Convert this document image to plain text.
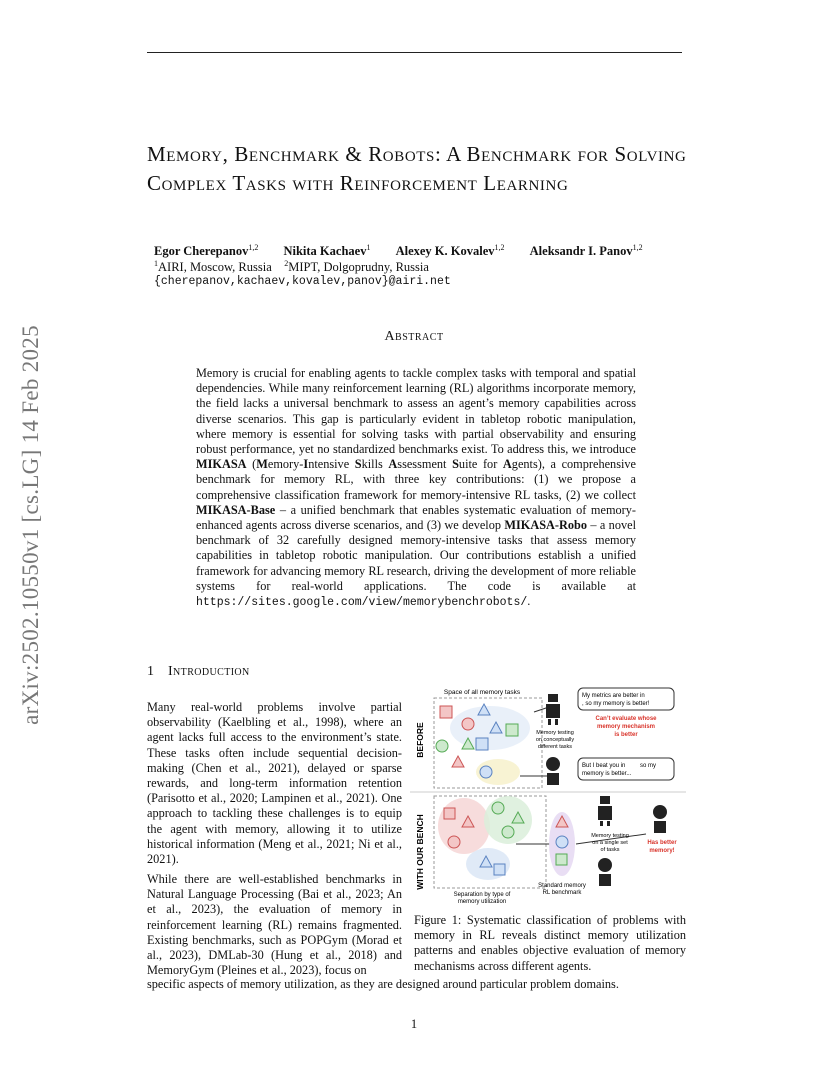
arXiv:2502.10550v1 [cs.LG] 14 Feb 2025
Memory, Benchmark & Robots: A Benchmark for Solving Complex Tasks with Reinforcement Learning
Egor Cherepanov$^{1,2}$ Nikita Kachaev$^1$ Alexey K. Kovalev$^{1,2}$ Aleksandr I. Panov$^{1,2}$
$^1$AIRI, Moscow, Russia $^2$MIPT, Dolgoprudny, Russia
{cherepanov,kachaev,kovalev,panov}@airi.net
Abstract
Memory is crucial for enabling agents to tackle complex tasks with temporal and spatial dependencies. While many reinforcement learning (RL) algorithms incorporate memory, the field lacks a universal benchmark to assess an agent’s memory capabilities across diverse scenarios. This gap is particularly evident in tabletop robotic manipulation, where memory is essential for solving tasks with partial observability and ensuring robust performance, yet no standardized benchmarks exist. To address this, we introduce MIKASA (Memory-Intensive Skills Assessment Suite for Agents), a comprehensive benchmark for memory RL, with three key contributions: (1) we propose a comprehensive classification framework for memory-intensive RL tasks, (2) we collect MIKASA-Base – a unified benchmark that enables systematic evaluation of memory-enhanced agents across diverse scenarios, and (3) we develop MIKASA-Robo – a novel benchmark of 32 carefully designed memory-intensive tasks that assess memory capabilities in tabletop robotic manipulation. Our contributions establish a unified framework for advancing memory RL research, driving the development of more reliable systems for real-world applications. The code is available at https://sites.google.com/view/memorybenchrobots/.
1 Introduction
Many real-world problems involve partial observability (Kaelbling et al., 1998), where an agent lacks full access to the environment’s state. These tasks often include sequential decision-making (Chen et al., 2021), delayed or sparse rewards, and long-term information retention (Parisotto et al., 2020; Lampinen et al., 2021). One approach to tackling these challenges is to equip the agent with memory, allowing it to utilize historical information (Meng et al., 2021; Ni et al., 2021).
While there are well-established benchmarks in Natural Language Processing (Bai et al., 2023; An et al., 2023), the evaluation of memory in reinforcement learning (RL) remains fragmented. Existing benchmarks, such as POPGym (Morad et al., 2023), DMLab-30 (Hung et al., 2018) and MemoryGym (Pleines et al., 2023), focus on
specific aspects of memory utilization, as they are designed around particular problem domains.
BEFORE
WITH OUR BENCH
Space of all memory tasks
Memory testing
on conceptually
different tasks
My metrics are better in
, so my memory is better!
Can’t evaluate whose
memory mechanism
is better
But I beat you in so my
memory is better...
Separation by type of
memory utilization
Standard memory
RL benchmark
Memory testing
on a single set
of tasks
Has better
memory!
Figure 1: Systematic classification of problems with memory in RL reveals distinct memory utilization patterns and enables objective evaluation of memory mechanisms across different agents.
1
